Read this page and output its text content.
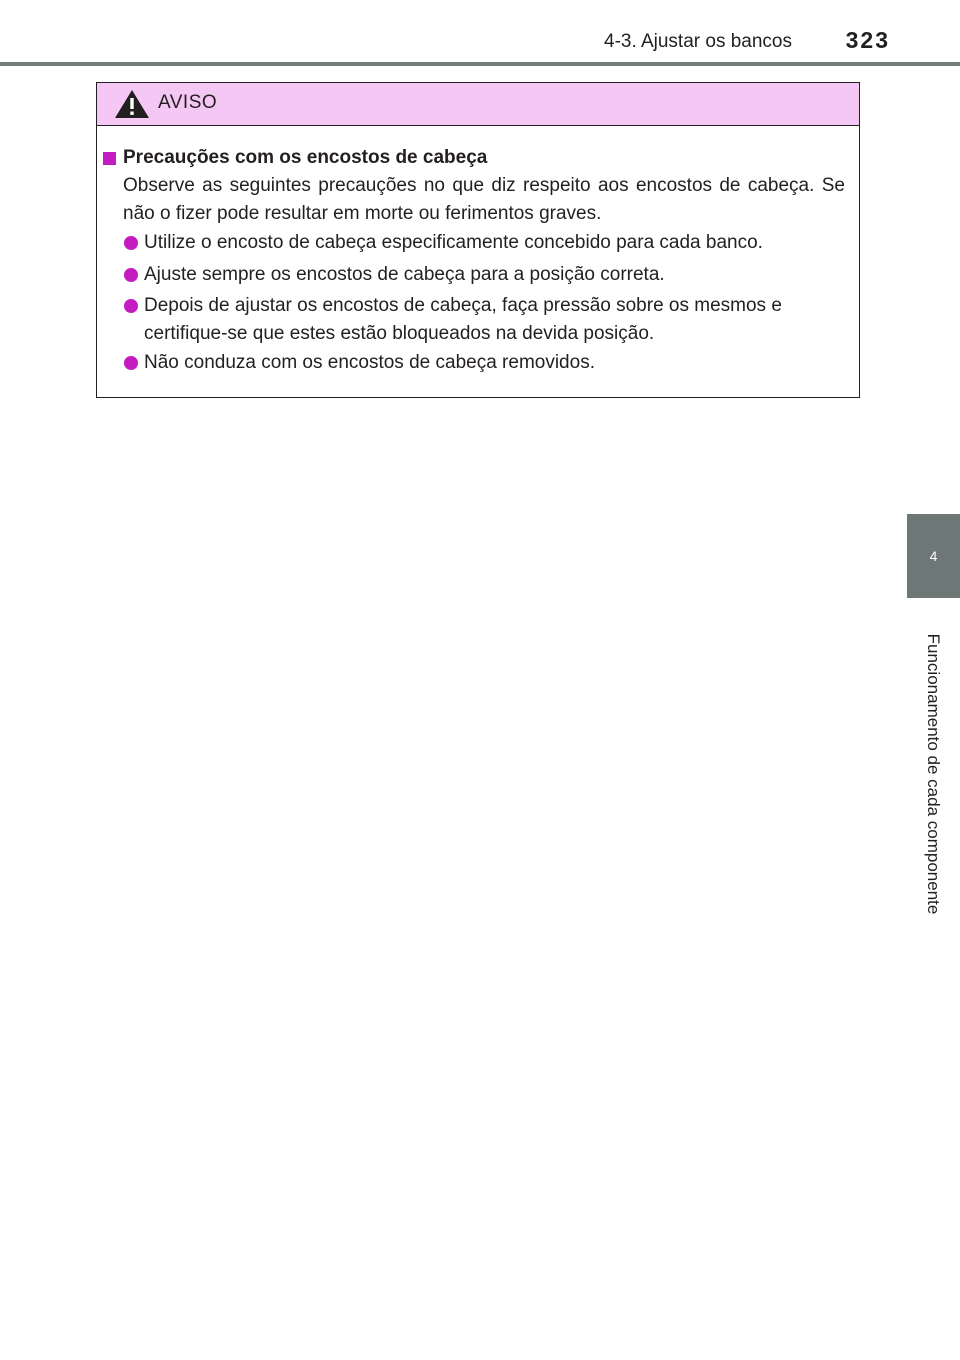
4-3. Ajustar os bancos	323
4
Funcionamento de cada componente
AVISO
Precauções com os encostos de cabeça
Observe as seguintes precauções no que diz respeito aos encostos de cabeça. Se não o fizer pode resultar em morte ou ferimentos graves.
Utilize o encosto de cabeça especificamente concebido para cada banco.
Ajuste sempre os encostos de cabeça para a posição correta.
Depois de ajustar os encostos de cabeça, faça pressão sobre os mesmos e certifique-se que estes estão bloqueados na devida posição.
Não conduza com os encostos de cabeça removidos.
